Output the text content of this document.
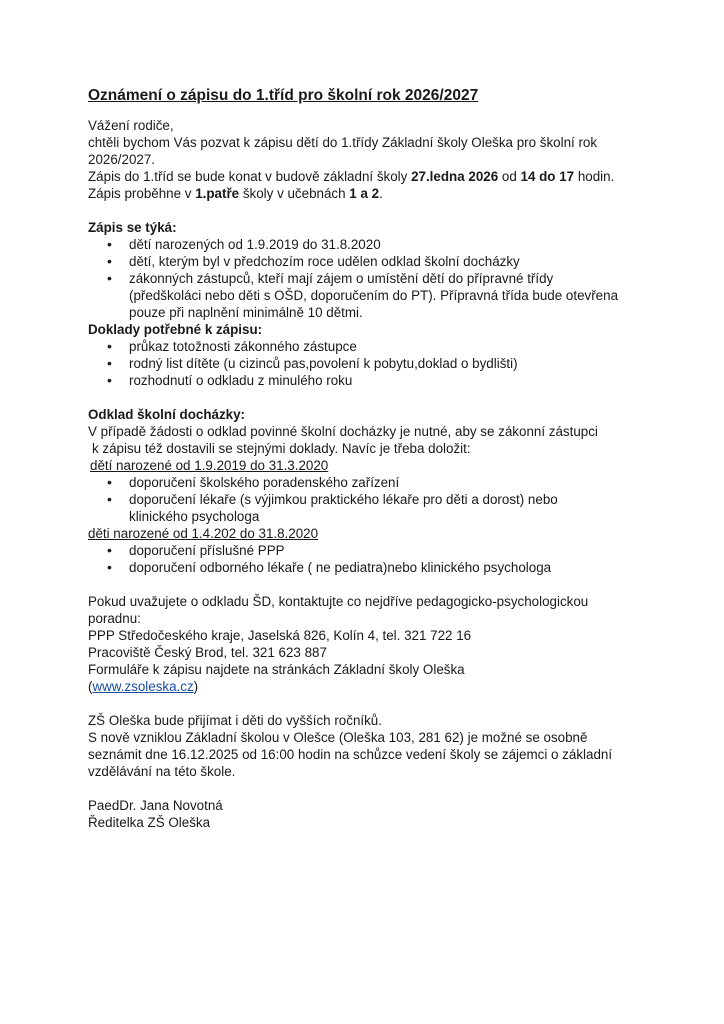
Oznámení o zápisu do 1.tříd pro školní rok 2026/2027

Vážení rodiče,

chtěli bychom Vás pozvat k zápisu dětí do 1.třídy Základní školy Oleška pro školní rok

2026/2027.

Zápis do 1.tříd se bude konat v budově základní školy 27.ledna 2026 od 14 do 17 hodin.

Zápis proběhne v 1.patře školy v učebnách 1 a 2.

Zápis se týká:

• dětí narozených od 1.9.2019 do 31.8.2020
• dětí, kterým byl v předchozím roce udělen odklad školní docházky
• zákonných zástupců, kteří mají zájem o umístění dětí do přípravné třídy
(předškoláci nebo děti s OŠD, doporučením do PT). Přípravná třída bude otevřena
pouze při naplnění minimálně 10 dětmi.

Doklady potřebné k zápisu:

• průkaz totožnosti zákonného zástupce
• rodný list dítěte (u cizinců pas,povolení k pobytu,doklad o bydlišti)
• rozhodnutí o odkladu z minulého roku

Odklad školní docházky:

V případě žádosti o odklad povinné školní docházky je nutné, aby se zákonní zástupci

k zápisu též dostavili se stejnými doklady. Navíc je třeba doložit:

dětí narozené od 1.9.2019 do 31.3.2020

• doporučení školského poradenského zařízení
• doporučení lékaře (s výjimkou praktického lékaře pro děti a dorost) nebo
klinického psychologa

děti narozené od 1.4.202 do 31.8.2020

• doporučení příslušné PPP
• doporučení odborného lékaře ( ne pediatra)nebo klinického psychologa

Pokud uvažujete o odkladu ŠD, kontaktujte co nejdříve pedagogicko-psychologickou

poradnu:

PPP Středočeského kraje, Jaselská 826, Kolín 4, tel. 321 722 16

Pracoviště Český Brod, tel. 321 623 887

Formuláře k zápisu najdete na stránkách Základní školy Oleška

(www.zsoleska.cz)

ZŠ Oleška bude přijímat i děti do vyšších ročníků.

S nově vzniklou Základní školou v Olešce (Oleška 103, 281 62) je možné se osobně

seznámit dne 16.12.2025 od 16:00 hodin na schůzce vedení školy se zájemci o základní

vzdělávání na této škole.

PaedDr. Jana Novotná

Ředitelka ZŠ Oleška
